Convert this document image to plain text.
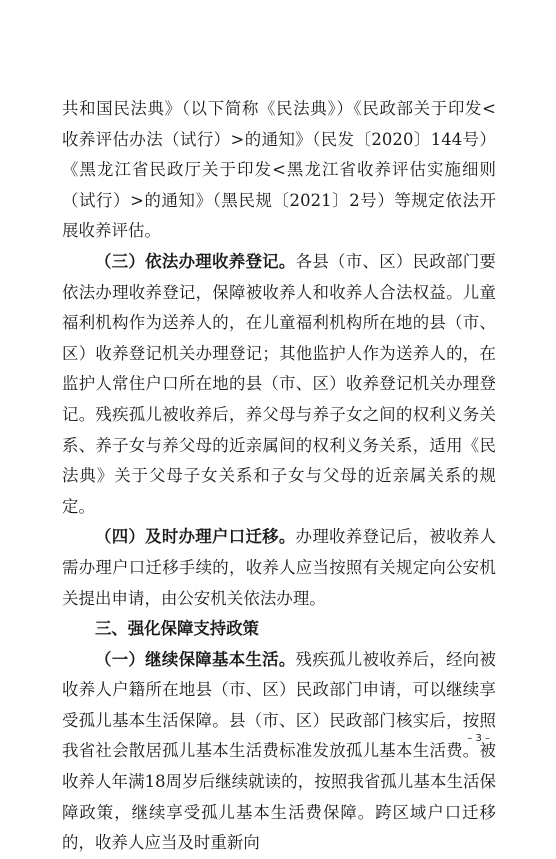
共和国民法典》（以下简称《民法典》）《民政部关于印发<收养评估办法（试行）>的通知》（民发〔2020〕144号）《黑龙江省民政厅关于印发<黑龙江省收养评估实施细则（试行）>的通知》（黑民规〔2021〕2号）等规定依法开展收养评估。

（三）依法办理收养登记。各县（市、区）民政部门要依法办理收养登记，保障被收养人和收养人合法权益。儿童福利机构作为送养人的，在儿童福利机构所在地的县（市、区）收养登记机关办理登记；其他监护人作为送养人的，在监护人常住户口所在地的县（市、区）收养登记机关办理登记。残疾孤儿被收养后，养父母与养子女之间的权利义务关系、养子女与养父母的近亲属间的权利义务关系，适用《民法典》关于父母子女关系和子女与父母的近亲属关系的规定。

（四）及时办理户口迁移。办理收养登记后，被收养人需办理户口迁移手续的，收养人应当按照有关规定向公安机关提出申请，由公安机关依法办理。

三、强化保障支持政策

（一）继续保障基本生活。残疾孤儿被收养后，经向被收养人户籍所在地县（市、区）民政部门申请，可以继续享受孤儿基本生活保障。县（市、区）民政部门核实后，按照我省社会散居孤儿基本生活费标准发放孤儿基本生活费。被收养人年满18周岁后继续就读的，按照我省孤儿基本生活保障政策，继续享受孤儿基本生活费保障。跨区域户口迁移的，收养人应当及时重新向

– 3 –
